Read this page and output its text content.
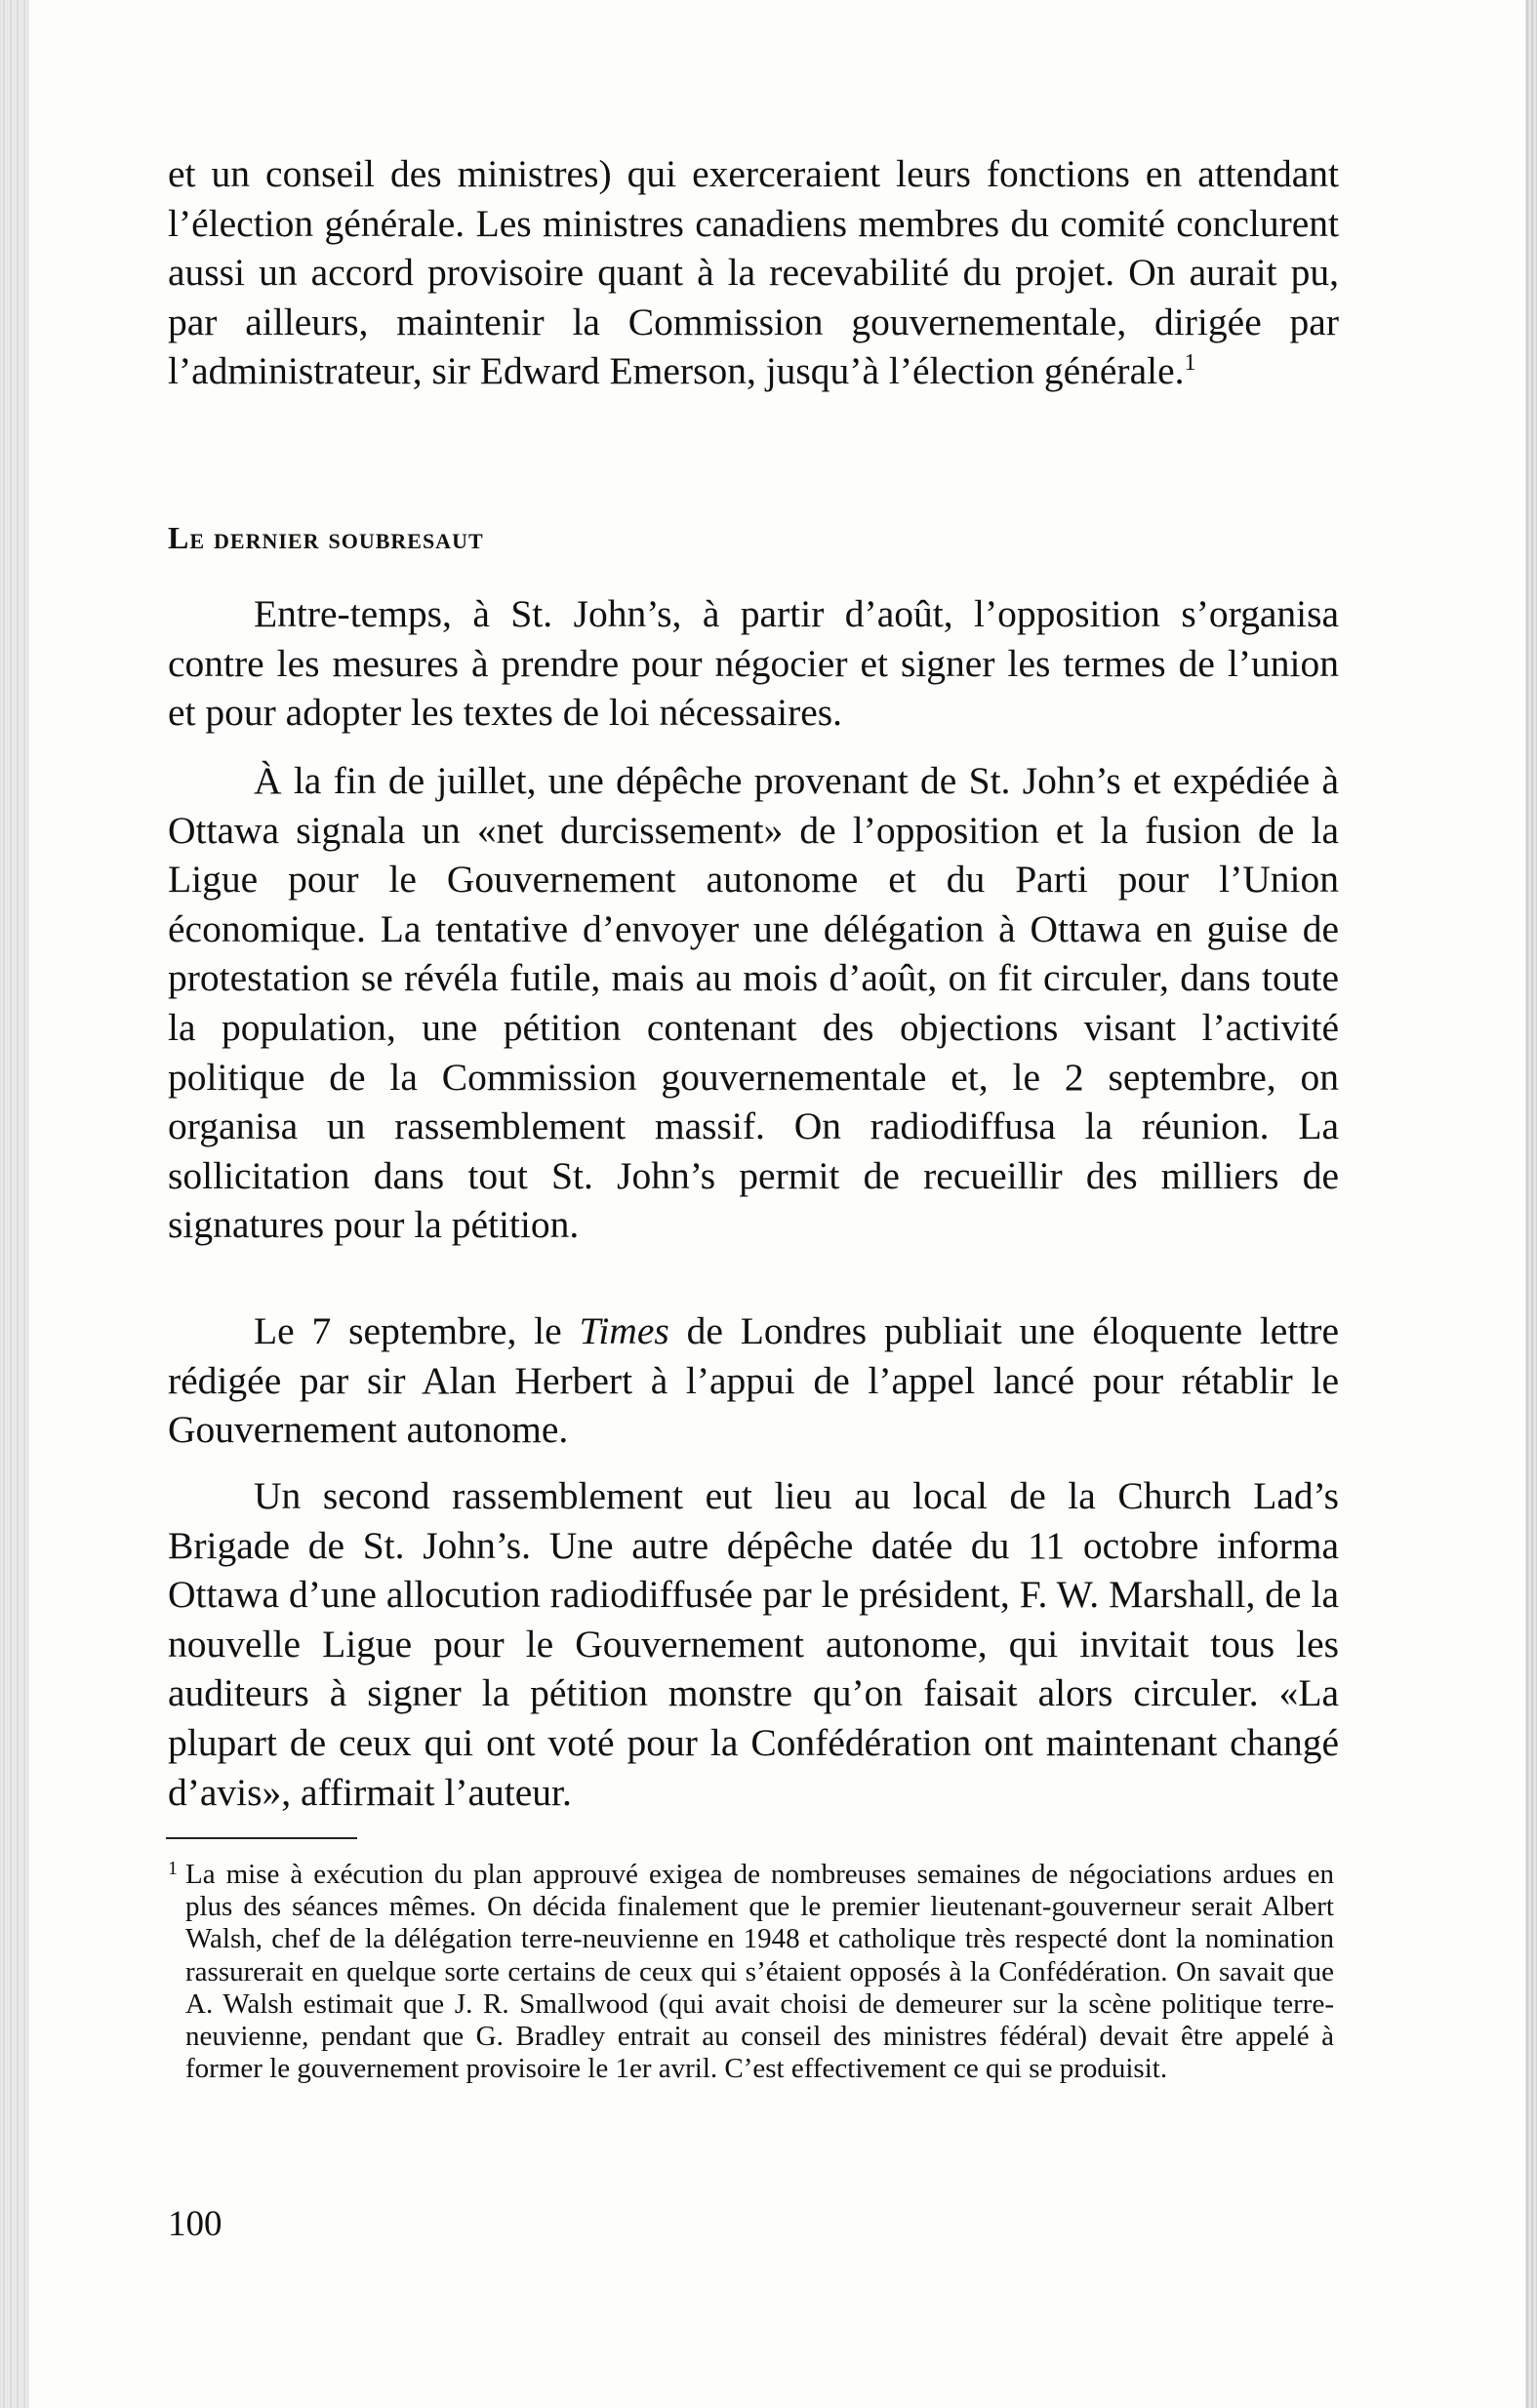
et un conseil des ministres) qui exerceraient leurs fonctions en attendant l’élection générale. Les ministres canadiens membres du comité conclurent aussi un accord provisoire quant à la recevabilité du projet. On aurait pu, par ailleurs, maintenir la Commission gouvernementale, dirigée par l’administrateur, sir Edward Emerson, jusqu’à l’élection générale.$^1$

Le dernier soubresaut

Entre-temps, à St. John’s, à partir d’août, l’opposition s’organisa contre les mesures à prendre pour négocier et signer les termes de l’union et pour adopter les textes de loi nécessaires.

À la fin de juillet, une dépêche provenant de St. John’s et expédiée à Ottawa signala un «net durcissement» de l’opposition et la fusion de la Ligue pour le Gouvernement autonome et du Parti pour l’Union économique. La tentative d’envoyer une délégation à Ottawa en guise de protestation se révéla futile, mais au mois d’août, on fit circuler, dans toute la population, une pétition contenant des objections visant l’activité politique de la Commission gouvernementale et, le 2 septembre, on organisa un rassemblement massif. On radiodiffusa la réunion. La sollicitation dans tout St. John’s permit de recueillir des milliers de signatures pour la pétition.

Le 7 septembre, le Times de Londres publiait une éloquente lettre rédigée par sir Alan Herbert à l’appui de l’appel lancé pour rétablir le Gouvernement autonome.

Un second rassemblement eut lieu au local de la Church Lad’s Brigade de St. John’s. Une autre dépêche datée du 11 octobre informa Ottawa d’une allocution radiodiffusée par le président, F. W. Marshall, de la nouvelle Ligue pour le Gouvernement autonome, qui invitait tous les auditeurs à signer la pétition monstre qu’on faisait alors circuler. «La plupart de ceux qui ont voté pour la Confédération ont maintenant changé d’avis», affirmait l’auteur.

1 La mise à exécution du plan approuvé exigea de nombreuses semaines de négociations ardues en plus des séances mêmes. On décida finalement que le premier lieutenant-gouverneur serait Albert Walsh, chef de la délégation terre-neuvienne en 1948 et catholique très respecté dont la nomination rassurerait en quelque sorte certains de ceux qui s’étaient opposés à la Confédération. On savait que A. Walsh estimait que J. R. Smallwood (qui avait choisi de demeurer sur la scène politique terre-neuvienne, pendant que G. Bradley entrait au conseil des ministres fédéral) devait être appelé à former le gouvernement provisoire le 1er avril. C’est effectivement ce qui se produisit.

100
